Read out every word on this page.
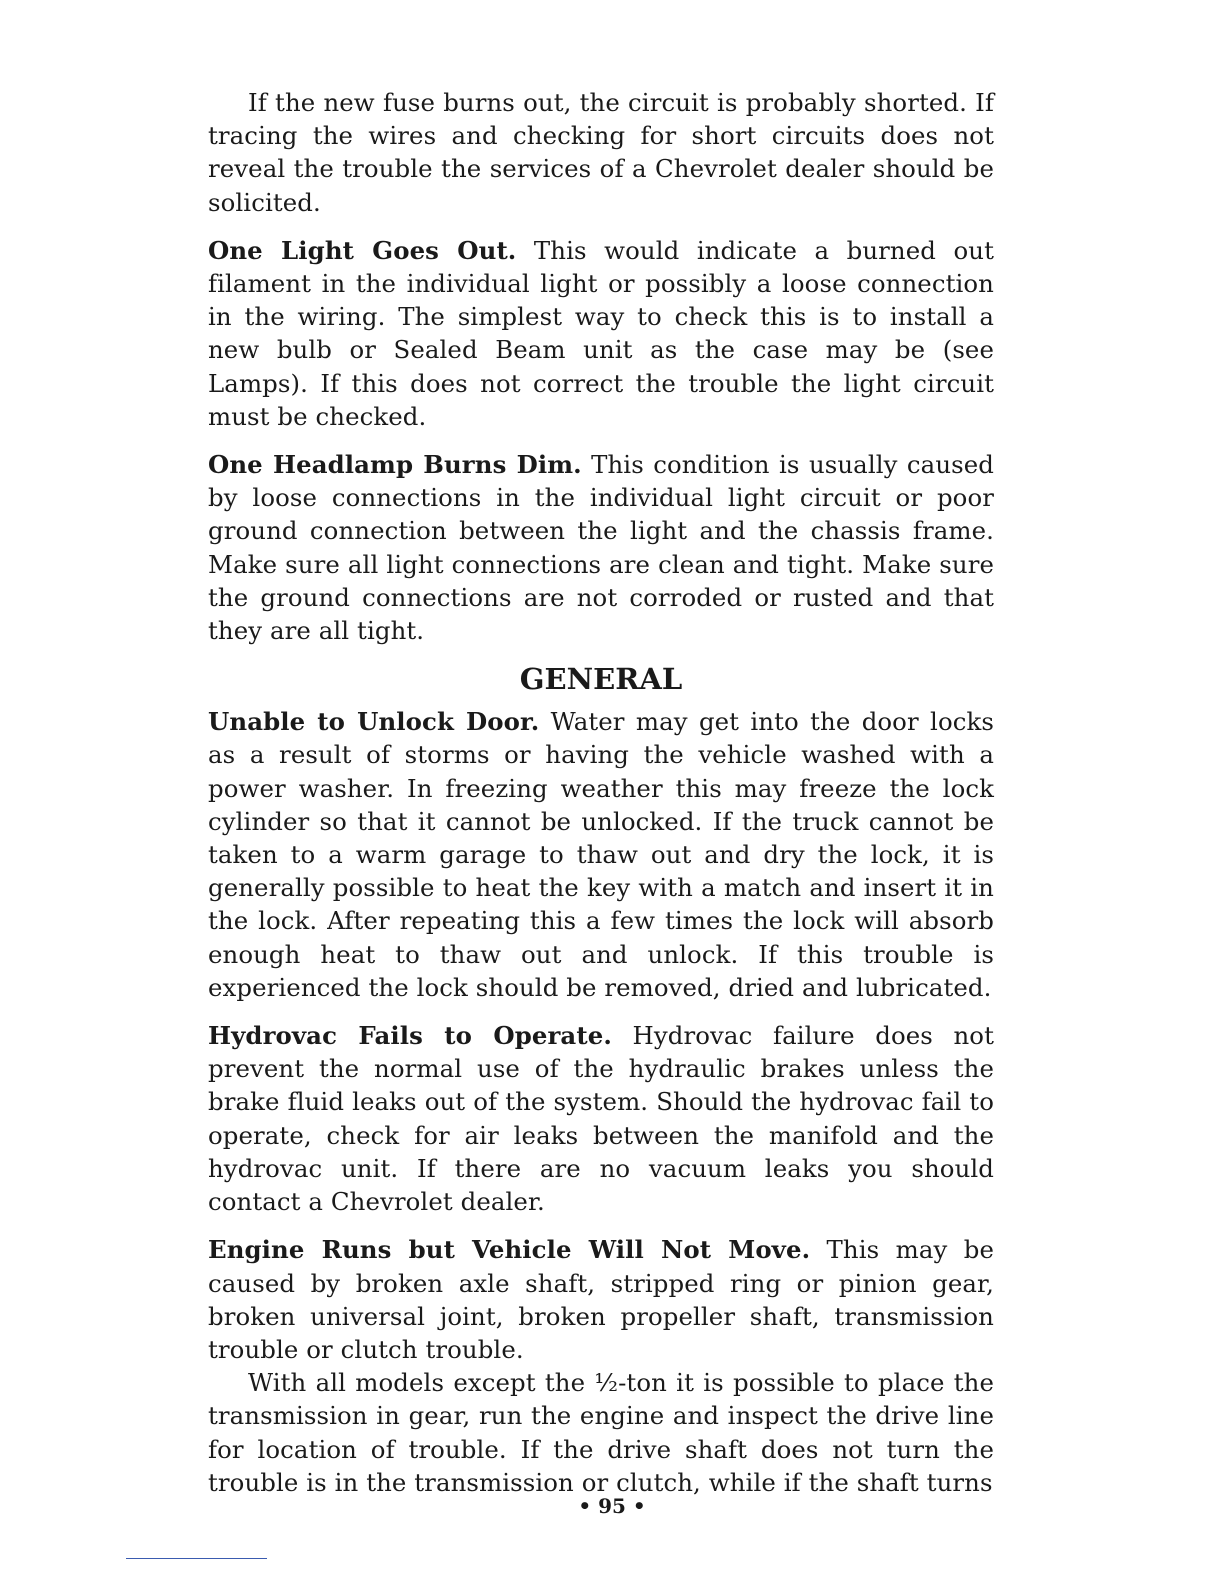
If the new fuse burns out, the circuit is probably shorted. If tracing the wires and checking for short circuits does not reveal the trouble the services of a Chevrolet dealer should be solicited.

One Light Goes Out. This would indicate a burned out filament in the individual light or possibly a loose connection in the wiring. The simplest way to check this is to install a new bulb or Sealed Beam unit as the case may be (see Lamps). If this does not correct the trouble the light circuit must be checked.

One Headlamp Burns Dim. This condition is usually caused by loose connections in the individual light circuit or poor ground connection between the light and the chassis frame. Make sure all light connections are clean and tight. Make sure the ground connections are not corroded or rusted and that they are all tight.

GENERAL

Unable to Unlock Door. Water may get into the door locks as a result of storms or having the vehicle washed with a power washer. In freezing weather this may freeze the lock cylinder so that it cannot be unlocked. If the truck cannot be taken to a warm garage to thaw out and dry the lock, it is generally possible to heat the key with a match and insert it in the lock. After repeating this a few times the lock will absorb enough heat to thaw out and unlock. If this trouble is experienced the lock should be removed, dried and lubricated.

Hydrovac Fails to Operate. Hydrovac failure does not prevent the normal use of the hydraulic brakes unless the brake fluid leaks out of the system. Should the hydrovac fail to operate, check for air leaks between the manifold and the hydrovac unit. If there are no vacuum leaks you should contact a Chevrolet dealer.

Engine Runs but Vehicle Will Not Move. This may be caused by broken axle shaft, stripped ring or pinion gear, broken universal joint, broken propeller shaft, transmission trouble or clutch trouble.

With all models except the ½-ton it is possible to place the transmission in gear, run the engine and inspect the drive line for location of trouble. If the drive shaft does not turn the trouble is in the transmission or clutch, while if the shaft turns

• 95 •
